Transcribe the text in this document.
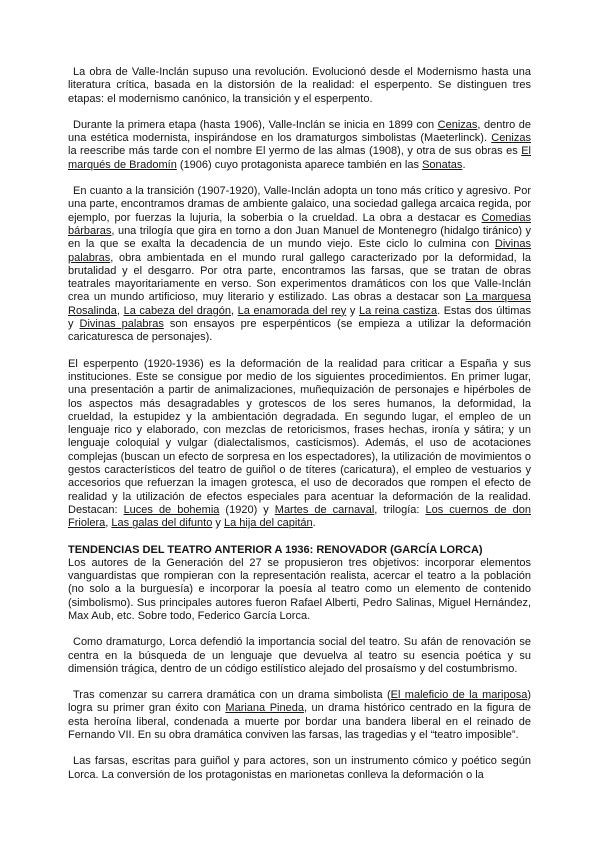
La obra de Valle-Inclán supuso una revolución. Evolucionó desde el Modernismo hasta una literatura crítica, basada en la distorsión de la realidad: el esperpento. Se distinguen tres etapas: el modernismo canónico, la transición y el esperpento.

Durante la primera etapa (hasta 1906), Valle-Inclán se inicia en 1899 con Cenizas, dentro de una estética modernista, inspirándose en los dramaturgos simbolistas (Maeterlinck). Cenizas la reescribe más tarde con el nombre El yermo de las almas (1908), y otra de sus obras es El marqués de Bradomín (1906) cuyo protagonista aparece también en las Sonatas.

En cuanto a la transición (1907-1920), Valle-Inclán adopta un tono más crítico y agresivo. Por una parte, encontramos dramas de ambiente galaico, una sociedad gallega arcaica regida, por ejemplo, por fuerzas la lujuria, la soberbia o la crueldad. La obra a destacar es Comedias bárbaras, una trilogía que gira en torno a don Juan Manuel de Montenegro (hidalgo tiránico) y en la que se exalta la decadencia de un mundo viejo. Este ciclo lo culmina con Divinas palabras, obra ambientada en el mundo rural gallego caracterizado por la deformidad, la brutalidad y el desgarro. Por otra parte, encontramos las farsas, que se tratan de obras teatrales mayoritariamente en verso. Son experimentos dramáticos con los que Valle-Inclán crea un mundo artificioso, muy literario y estilizado. Las obras a destacar son La marquesa Rosalinda, La cabeza del dragón, La enamorada del rey y La reina castiza. Estas dos últimas y Divinas palabras son ensayos pre esperpénticos (se empieza a utilizar la deformación caricaturesca de personajes).

El esperpento (1920-1936) es la deformación de la realidad para criticar a España y sus instituciones. Este se consigue por medio de los siguientes procedimientos. En primer lugar, una presentación a partir de animalizaciones, muñequización de personajes e hipérboles de los aspectos más desagradables y grotescos de los seres humanos, la deformidad, la crueldad, la estupidez y la ambientación degradada. En segundo lugar, el empleo de un lenguaje rico y elaborado, con mezclas de retoricismos, frases hechas, ironía y sátira; y un lenguaje coloquial y vulgar (dialectalismos, casticismos). Además, el uso de acotaciones complejas (buscan un efecto de sorpresa en los espectadores), la utilización de movimientos o gestos característicos del teatro de guiñol o de títeres (caricatura), el empleo de vestuarios y accesorios que refuerzan la imagen grotesca, el uso de decorados que rompen el efecto de realidad y la utilización de efectos especiales para acentuar la deformación de la realidad. Destacan: Luces de bohemia (1920) y Martes de carnaval, trilogía: Los cuernos de don Friolera, Las galas del difunto y La hija del capitán.

TENDENCIAS DEL TEATRO ANTERIOR A 1936: RENOVADOR (GARCÍA LORCA)

Los autores de la Generación del 27 se propusieron tres objetivos: incorporar elementos vanguardistas que rompieran con la representación realista, acercar el teatro a la población (no solo a la burguesía) e incorporar la poesía al teatro como un elemento de contenido (simbolismo). Sus principales autores fueron Rafael Alberti, Pedro Salinas, Miguel Hernández, Max Aub, etc. Sobre todo, Federico García Lorca.

Como dramaturgo, Lorca defendió la importancia social del teatro. Su afán de renovación se centra en la búsqueda de un lenguaje que devuelva al teatro su esencia poética y su dimensión trágica, dentro de un código estilístico alejado del prosaísmo y del costumbrismo.

Tras comenzar su carrera dramática con un drama simbolista (El maleficio de la mariposa) logra su primer gran éxito con Mariana Pineda, un drama histórico centrado en la figura de esta heroína liberal, condenada a muerte por bordar una bandera liberal en el reinado de Fernando VII. En su obra dramática conviven las farsas, las tragedias y el “teatro imposible”.

Las farsas, escritas para guiñol y para actores, son un instrumento cómico y poético según Lorca. La conversión de los protagonistas en marionetas conlleva la deformación o la
